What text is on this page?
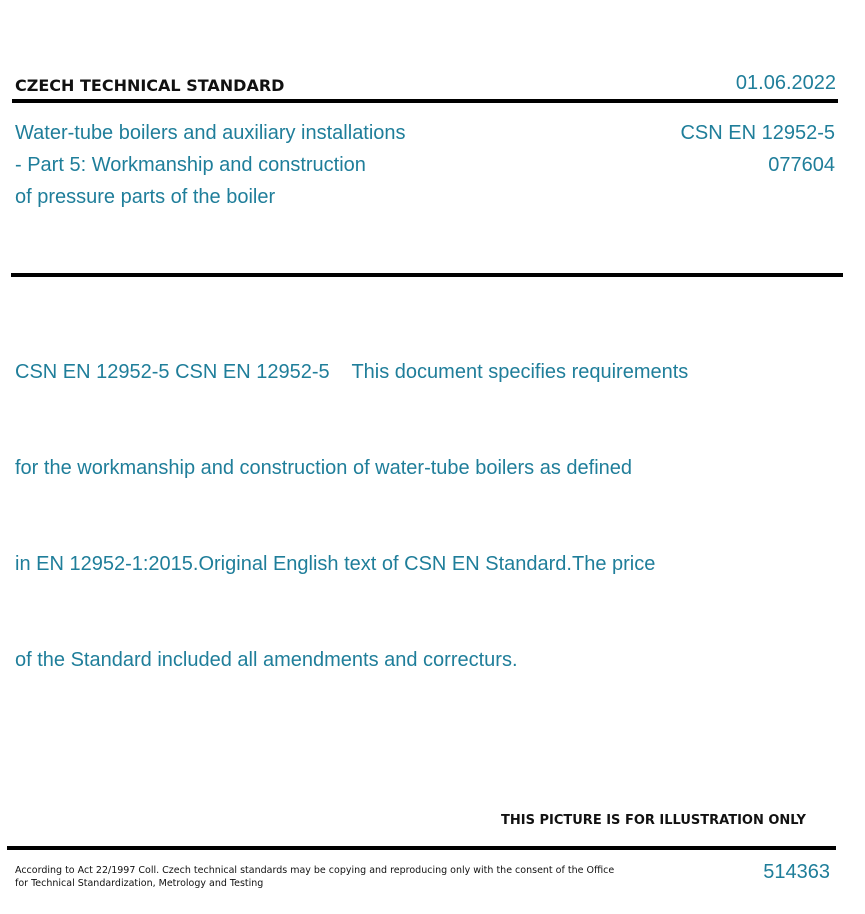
CZECH TECHNICAL STANDARD	01.06.2022
Water-tube boilers and auxiliary installations
- Part 5: Workmanship and construction
of pressure parts of the boiler
CSN EN 12952-5
077604

CSN EN 12952-5 CSN EN 12952-5    This document specifies requirements

for the workmanship and construction of water-tube boilers as defined

in EN 12952-1:2015.Original English text of CSN EN Standard.The price

of the Standard included all amendments and correcturs.

THIS PICTURE IS FOR ILLUSTRATION ONLY
According to Act 22/1997 Coll. Czech technical standards may be copying and reproducing only with the consent of the Office
for Technical Standardization, Metrology and Testing
514363
